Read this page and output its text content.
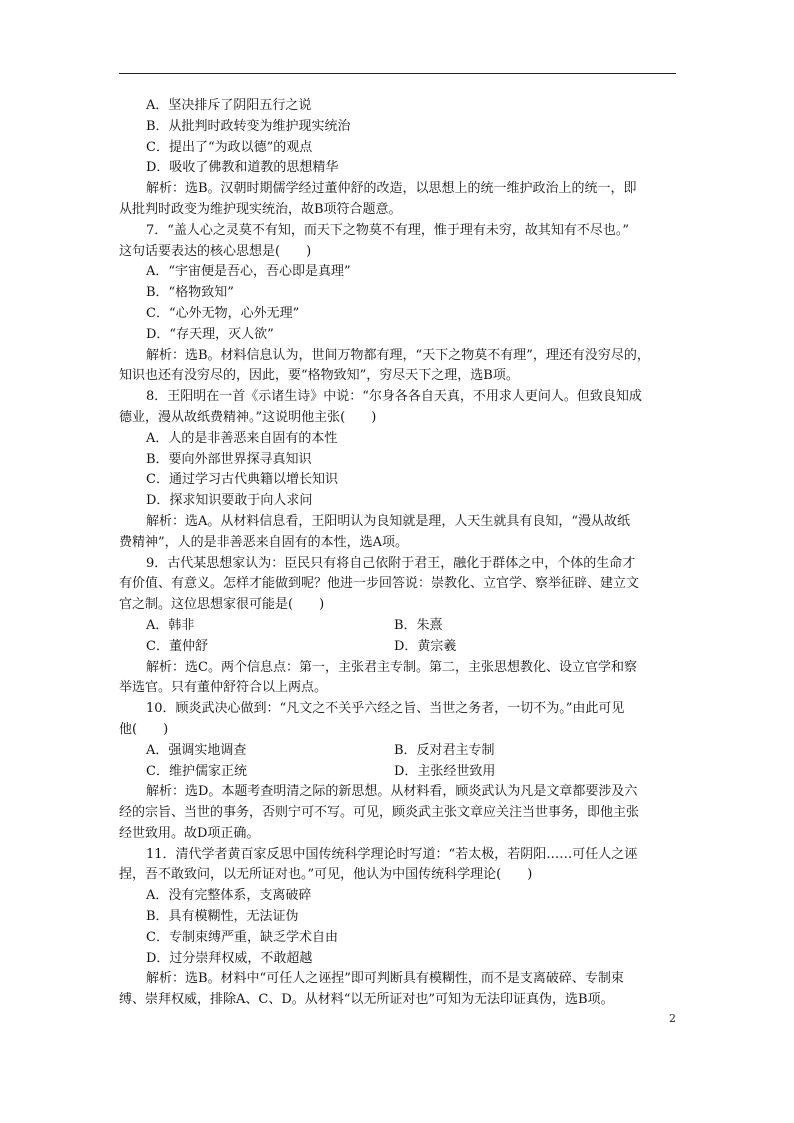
A．坚决排斥了阴阳五行之说
B．从批判时政转变为维护现实统治
C．提出了“为政以德”的观点
D．吸收了佛教和道教的思想精华
解析：选B。汉朝时期儒学经过董仲舒的改造，以思想上的统一维护政治上的统一，即
从批判时政变为维护现实统治，故B项符合题意。
7．“盖人心之灵莫不有知，而天下之物莫不有理，惟于理有未穷，故其知有不尽也。”
这句话要表达的核心思想是(　　)
A．“宇宙便是吾心，吾心即是真理”
B．“格物致知”
C．“心外无物，心外无理”
D．“存天理，灭人欲”
解析：选B。材料信息认为，世间万物都有理，“天下之物莫不有理”，理还有没穷尽的，
知识也还有没穷尽的，因此，要“格物致知”，穷尽天下之理，选B项。
8．王阳明在一首《示诸生诗》中说：“尔身各各自天真，不用求人更问人。但致良知成
德业，漫从故纸费精神。”这说明他主张(　　)
A．人的是非善恶来自固有的本性
B．要向外部世界探寻真知识
C．通过学习古代典籍以增长知识
D．探求知识要敢于向人求问
解析：选A。从材料信息看，王阳明认为良知就是理，人天生就具有良知，“漫从故纸
费精神”，人的是非善恶来自固有的本性，选A项。
9．古代某思想家认为：臣民只有将自己依附于君王，融化于群体之中，个体的生命才
有价值、有意义。怎样才能做到呢？他进一步回答说：崇教化、立官学、察举征辟、建立文
官之制。这位思想家很可能是(　　)
A．韩非	B．朱熹
C．董仲舒	D．黄宗羲
解析：选C。两个信息点：第一，主张君主专制。第二，主张思想教化、设立官学和察
举选官。只有董仲舒符合以上两点。
10．顾炎武决心做到：“凡文之不关乎六经之旨、当世之务者，一切不为。”由此可见
他(　　)
A．强调实地调查	B．反对君主专制
C．维护儒家正统	D．主张经世致用
解析：选D。本题考查明清之际的新思想。从材料看，顾炎武认为凡是文章都要涉及六
经的宗旨、当世的事务，否则宁可不写。可见，顾炎武主张文章应关注当世事务，即他主张
经世致用。故D项正确。
11．清代学者黄百家反思中国传统科学理论时写道：“若太极，若阴阳……可任人之诬
捏，吾不敢致问，以无所证对也。”可见，他认为中国传统科学理论(　　)
A．没有完整体系，支离破碎
B．具有模糊性，无法证伪
C．专制束缚严重，缺乏学术自由
D．过分崇拜权威，不敢超越
解析：选B。材料中“可任人之诬捏”即可判断具有模糊性，而不是支离破碎、专制束
缚、崇拜权威，排除A、C、D。从材料“以无所证对也”可知为无法印证真伪，选B项。
2
